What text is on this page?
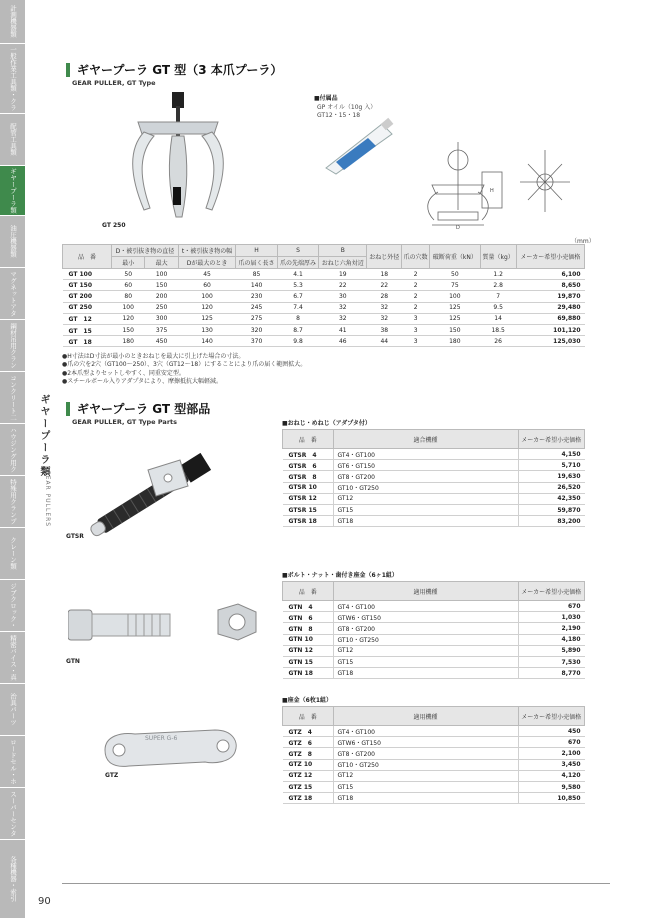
計測機器類
一般作業工具類・クラ
配管工具類
ギヤープーラ類
油圧機器類
マグネットアタ
鋼材吊用クラン
コンクリート二
ハウジング用ク
特殊用クランプ
クレーン類
ジブクロック・
精密バイス・真
治具パーツ
ロードセル・ホ
スーパーセンタ
各種機器・索引
ギヤープーラ類
GEAR PULLERS
ギヤープーラ GT 型（3 本爪プーラ）
GEAR PULLER, GT Type
GT 250
■付属品
GP オイル（10g 入）
GT12・15・18
D
H
（mm）
品　番	D・被引抜き物の直径		t・被引抜き物の幅	H	S	B	おねじ外径	爪の穴数	破断荷重（kN）	質量（kg）	メーカー希望小売価格
	最小	最大	Dが最大のとき	爪の届く長さ	爪の先端厚み	おねじ六角対辺					
GT 100	50	100	45	85	4.1	19	18	2	50	1.2	6,100
GT 150	60	150	60	140	5.3	22	22	2	75	2.8	8,650
GT 200	80	200	100	230	6.7	30	28	2	100	7	19,870
GT 250	100	250	120	245	7.4	32	32	2	125	9.5	29,480
GT　12	120	300	125	275	8	32	32	3	125	14	69,880
GT　15	150	375	130	320	8.7	41	38	3	150	18.5	101,120
GT　18	180	450	140	370	9.8	46	44	3	180	26	125,030
●H寸法はD寸法が最小のときおねじを最大に引上げた場合の寸法。
●爪の穴を2穴（GT100～250）、3穴（GT12～18）にすることにより爪の届く範囲拡大。
●2本爪型よりセットしやすく、同重安定型。
●スチールボール入りアダプタにより、摩擦抵抗大幅軽減。
ギヤープーラ GT 型部品
GEAR PULLER, GT Type Parts
GTSR
GTN
SUPER G-6
GTZ
■おねじ・めねじ（アダプタ付）
品　番	適合機種	メーカー希望小売価格
GTSR　4	GT4・GT100	4,150
GTSR　6	GT6・GT150	5,710
GTSR　8	GT8・GT200	19,630
GTSR 10	GT10・GT250	26,520
GTSR 12	GT12	42,350
GTSR 15	GT15	59,870
GTSR 18	GT18	83,200
■ボルト・ナット・歯付き座金（6ヶ1組）
品　番	適用機種	メーカー希望小売価格
GTN　4	GT4・GT100	670
GTN　6	GTW6・GT150	1,030
GTN　8	GT8・GT200	2,190
GTN 10	GT10・GT250	4,180
GTN 12	GT12	5,890
GTN 15	GT15	7,530
GTN 18	GT18	8,770
■座金（6枚1組）
品　番	適用機種	メーカー希望小売価格
GTZ　4	GT4・GT100	450
GTZ　6	GTW6・GT150	670
GTZ　8	GT8・GT200	2,100
GTZ 10	GT10・GT250	3,450
GTZ 12	GT12	4,120
GTZ 15	GT15	9,580
GTZ 18	GT18	10,850
90
